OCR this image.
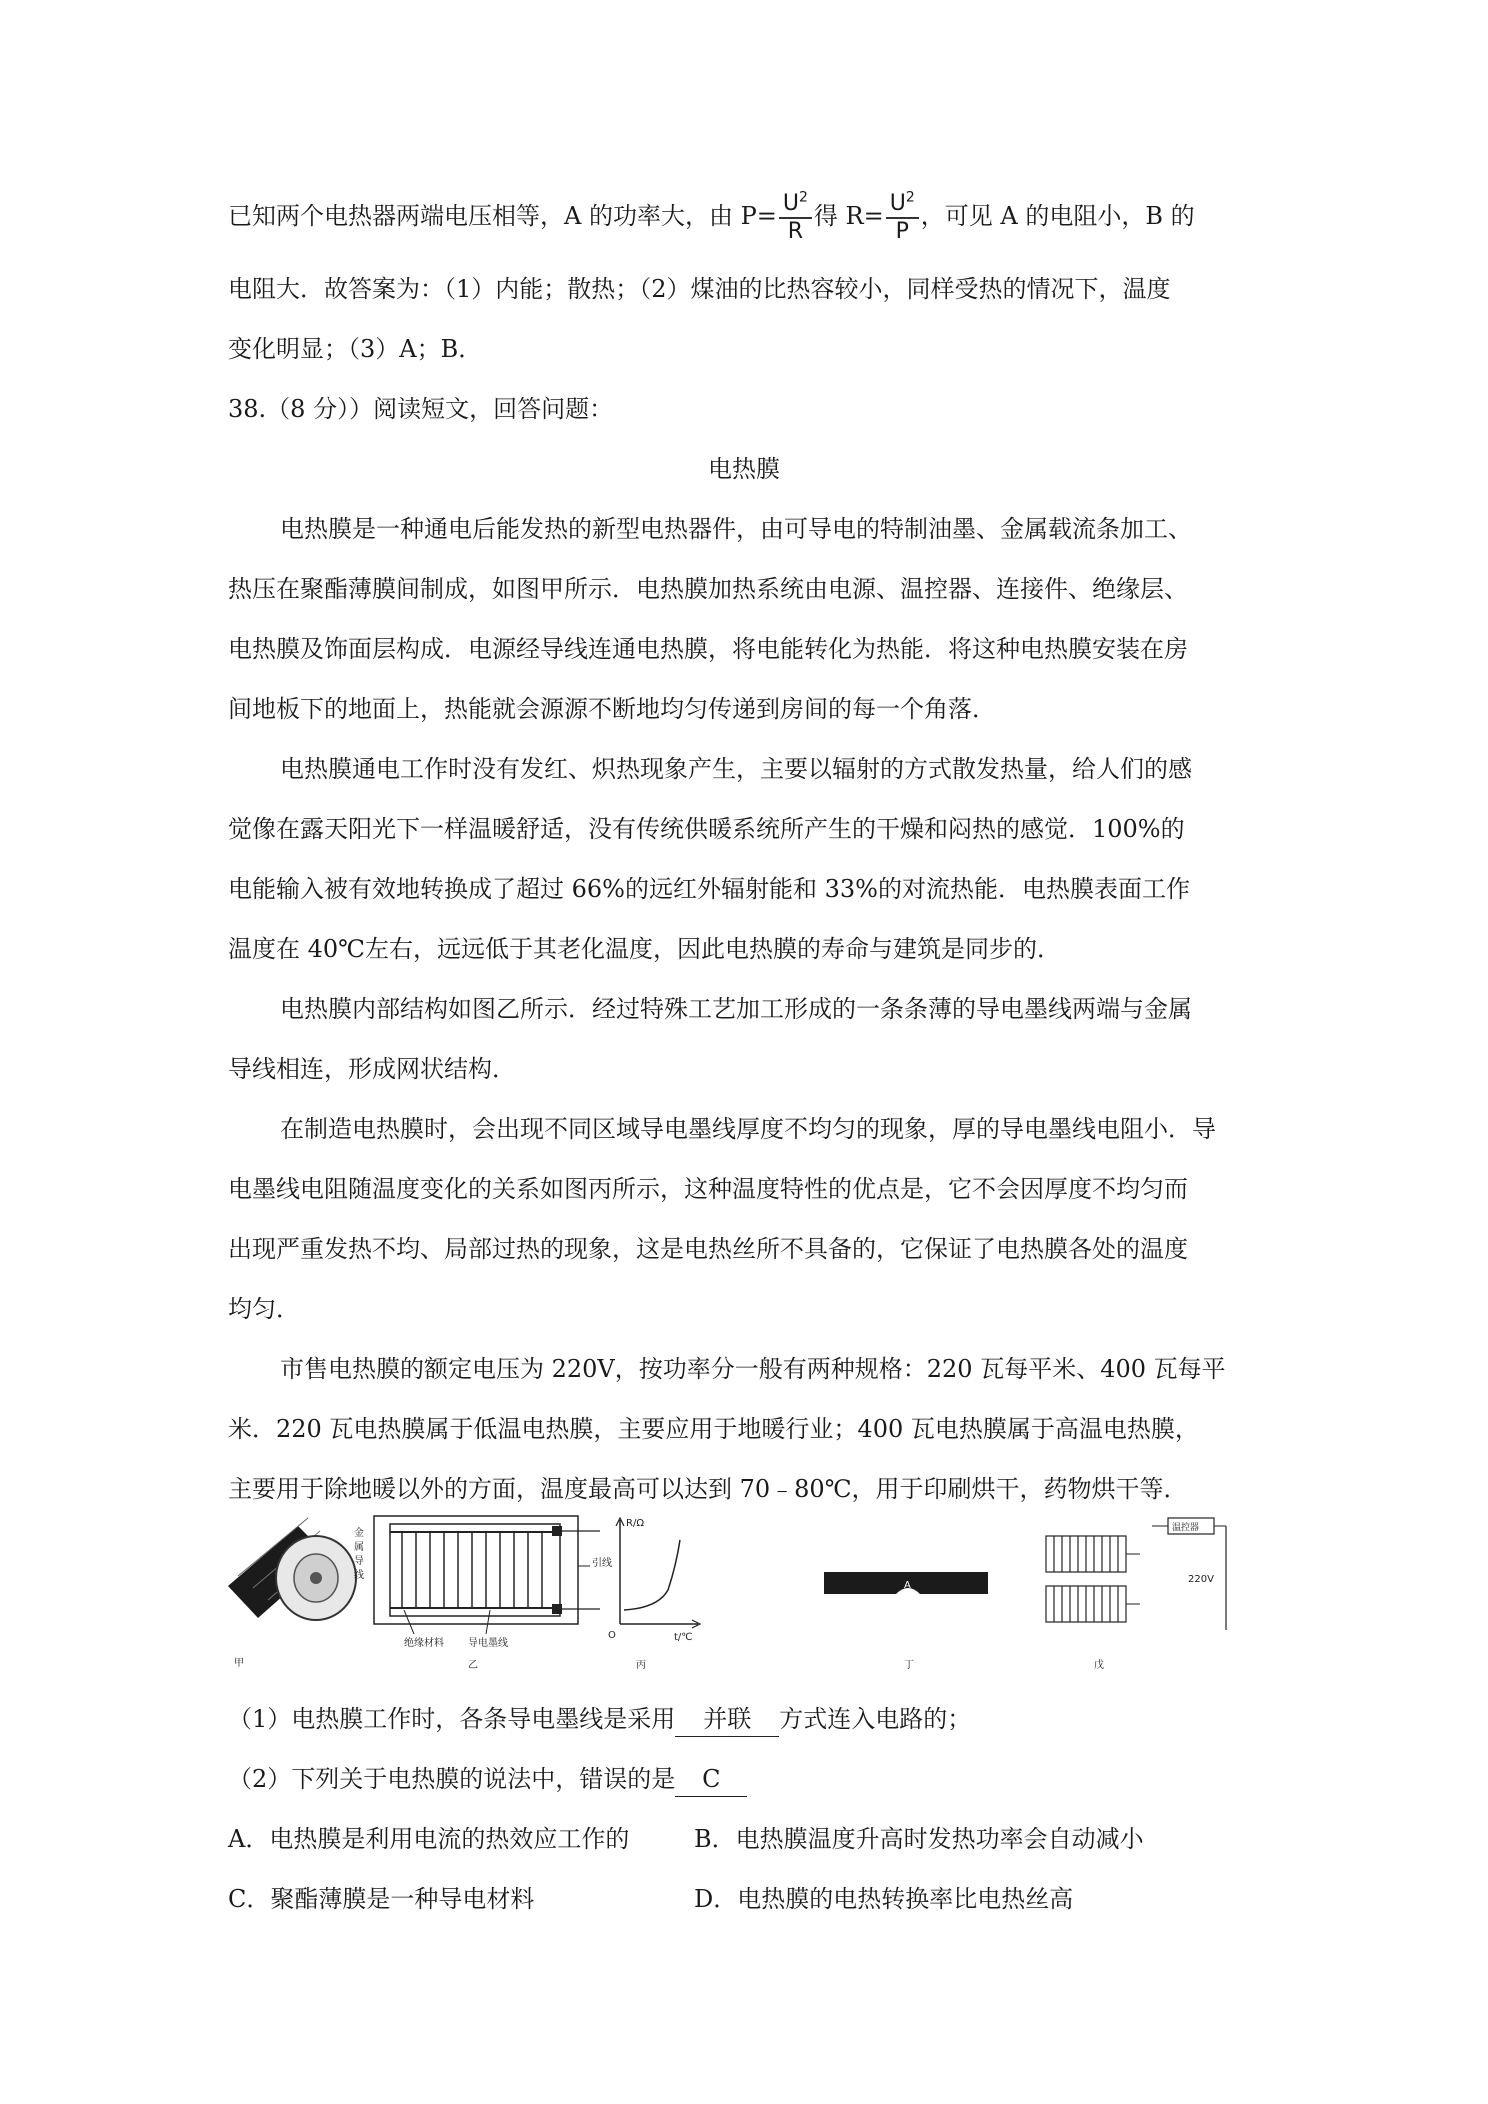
已知两个电热器两端电压相等，A 的功率大，由 $P= \frac{U^2}{R}$ 得 $R= \frac{U^2}{P}$ ，可见 A 的电阻小，B 的
电阻大．故答案为：（1）内能；散热；（2）煤油的比热容较小，同样受热的情况下，温度
变化明显；（3）A；B．
38.（8 分））阅读短文，回答问题：
电热膜
电热膜是一种通电后能发热的新型电热器件，由可导电的特制油墨、金属载流条加工、
热压在聚酯薄膜间制成，如图甲所示．电热膜加热系统由电源、温控器、连接件、绝缘层、
电热膜及饰面层构成．电源经导线连通电热膜，将电能转化为热能．将这种电热膜安装在房
间地板下的地面上，热能就会源源不断地均匀传递到房间的每一个角落．
电热膜通电工作时没有发红、炽热现象产生，主要以辐射的方式散发热量，给人们的感
觉像在露天阳光下一样温暖舒适，没有传统供暖系统所产生的干燥和闷热的感觉．100%的
电能输入被有效地转换成了超过 66%的远红外辐射能和 33%的对流热能．电热膜表面工作
温度在 40℃左右，远远低于其老化温度，因此电热膜的寿命与建筑是同步的．
电热膜内部结构如图乙所示．经过特殊工艺加工形成的一条条薄的导电墨线两端与金属
导线相连，形成网状结构．
在制造电热膜时，会出现不同区域导电墨线厚度不均匀的现象，厚的导电墨线电阻小．导
电墨线电阻随温度变化的关系如图丙所示，这种温度特性的优点是，它不会因厚度不均匀而
出现严重发热不均、局部过热的现象，这是电热丝所不具备的，它保证了电热膜各处的温度
均匀．
市售电热膜的额定电压为 220V，按功率分一般有两种规格：220 瓦每平米、400 瓦每平
米．220 瓦电热膜属于低温电热膜，主要应用于地暖行业；400 瓦电热膜属于高温电热膜，
主要用于除地暖以外的方面，温度最高可以达到 70﹣80℃，用于印刷烘干，药物烘干等．
甲
金属导线
引线
绝缘材料 导电墨线
乙
R/Ω
t/℃
O
丙
A
丁
温控器
220V
戊
（1）电热膜工作时，各条导电墨线是采用 并联 方式连入电路的；
（2）下列关于电热膜的说法中，错误的是 C
A．电热膜是利用电流的热效应工作的	B．电热膜温度升高时发热功率会自动减小
C．聚酯薄膜是一种导电材料	D．电热膜的电热转换率比电热丝高
